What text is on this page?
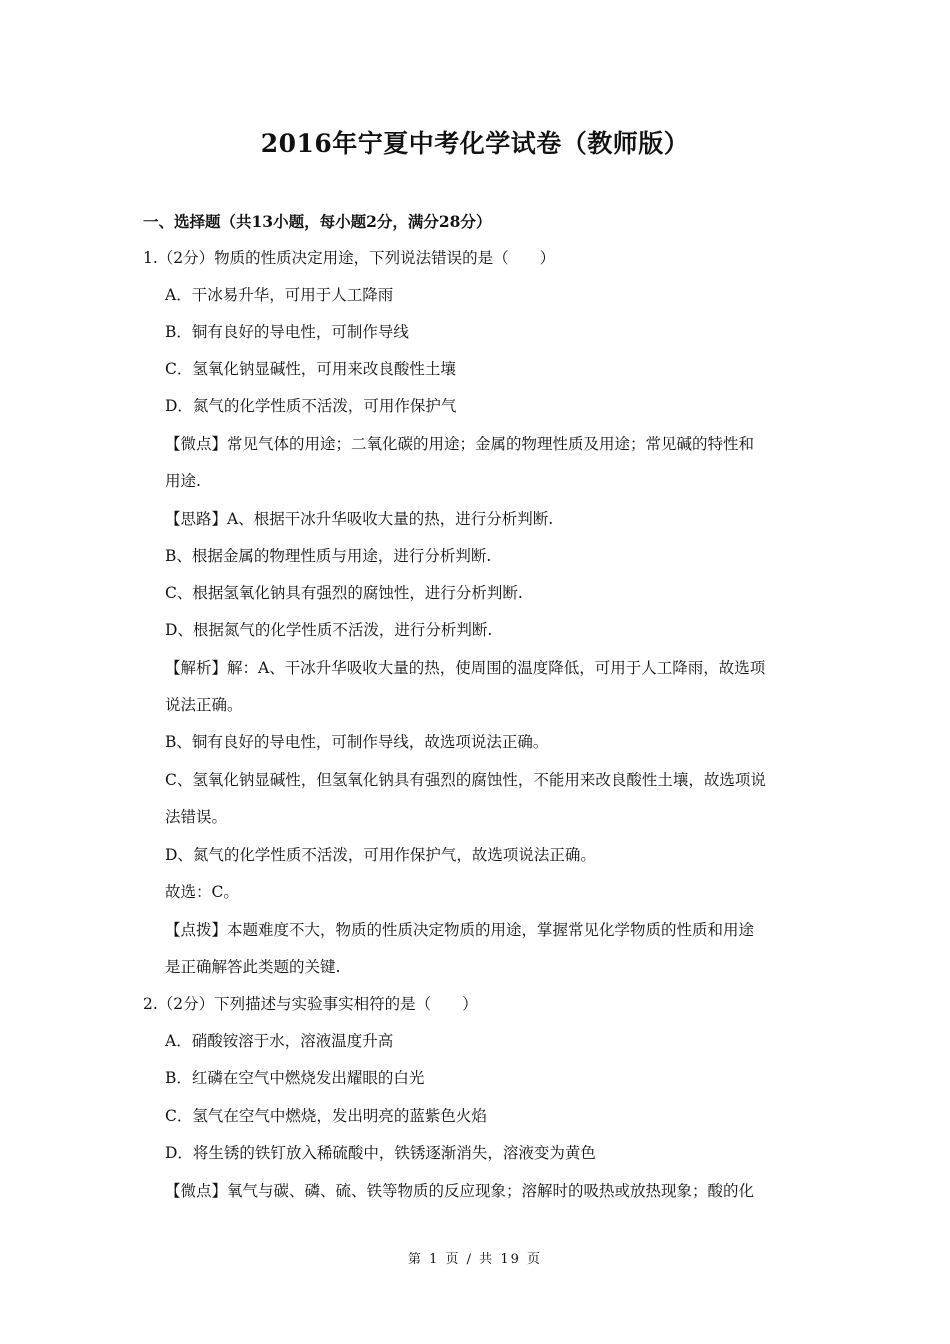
2016年宁夏中考化学试卷（教师版）
一、选择题（共13小题，每小题2分，满分28分）
1.（2分）物质的性质决定用途，下列说法错误的是（　　）
A．干冰易升华，可用于人工降雨
B．铜有良好的导电性，可制作导线
C．氢氧化钠显碱性，可用来改良酸性土壤
D．氮气的化学性质不活泼，可用作保护气
【微点】常见气体的用途；二氧化碳的用途；金属的物理性质及用途；常见碱的特性和
用途.
【思路】A、根据干冰升华吸收大量的热，进行分析判断.
B、根据金属的物理性质与用途，进行分析判断.
C、根据氢氧化钠具有强烈的腐蚀性，进行分析判断.
D、根据氮气的化学性质不活泼，进行分析判断.
【解析】解：A、干冰升华吸收大量的热，使周围的温度降低，可用于人工降雨，故选项
说法正确。
B、铜有良好的导电性，可制作导线，故选项说法正确。
C、氢氧化钠显碱性，但氢氧化钠具有强烈的腐蚀性，不能用来改良酸性土壤，故选项说
法错误。
D、氮气的化学性质不活泼，可用作保护气，故选项说法正确。
故选：C。
【点拨】本题难度不大，物质的性质决定物质的用途，掌握常见化学物质的性质和用途
是正确解答此类题的关键.
2.（2分）下列描述与实验事实相符的是（　　）
A．硝酸铵溶于水，溶液温度升高
B．红磷在空气中燃烧发出耀眼的白光
C．氢气在空气中燃烧，发出明亮的蓝紫色火焰
D．将生锈的铁钉放入稀硫酸中，铁锈逐渐消失，溶液变为黄色
【微点】氧气与碳、磷、硫、铁等物质的反应现象；溶解时的吸热或放热现象；酸的化
第 1 页 / 共 19 页
